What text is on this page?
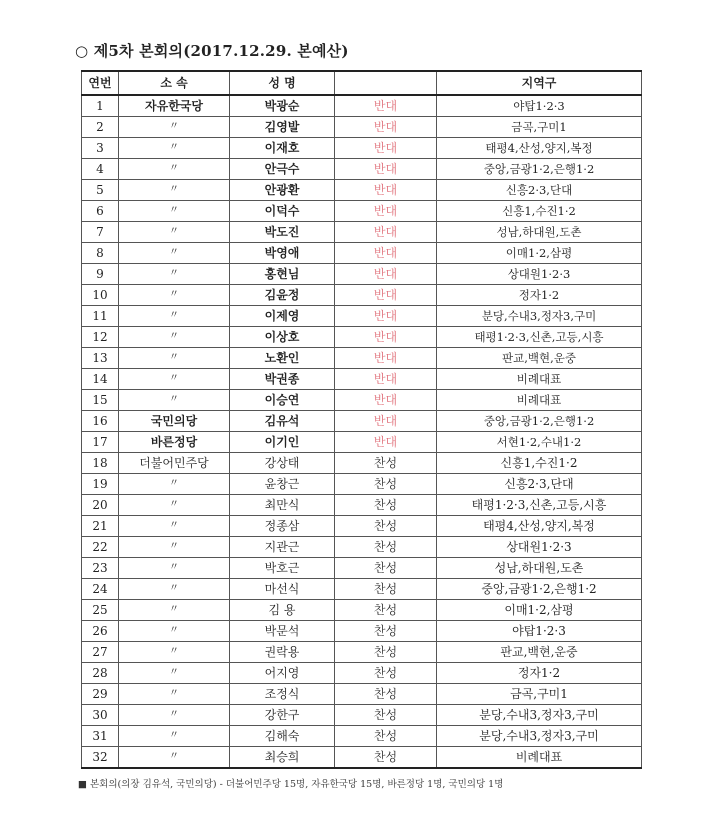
○ 제5차 본회의(2017.12.29. 본예산)
연번	소 속	성 명		지역구
1	자유한국당	박광순	반대	야탑1·2·3
2	〃	김영발	반대	금곡,구미1
3	〃	이재호	반대	태평4,산성,양지,복정
4	〃	안극수	반대	중앙,금광1·2,은행1·2
5	〃	안광환	반대	신흥2·3,단대
6	〃	이덕수	반대	신흥1,수진1·2
7	〃	박도진	반대	성남,하대원,도촌
8	〃	박영애	반대	이매1·2,삼평
9	〃	홍현님	반대	상대원1·2·3
10	〃	김윤정	반대	정자1·2
11	〃	이제영	반대	분당,수내3,정자3,구미
12	〃	이상호	반대	태평1·2·3,신촌,고등,시흥
13	〃	노환인	반대	판교,백현,운중
14	〃	박권종	반대	비례대표
15	〃	이승연	반대	비례대표
16	국민의당	김유석	반대	중앙,금광1·2,은행1·2
17	바른정당	이기인	반대	서현1·2,수내1·2
18	더불어민주당	강상태	찬성	신흥1,수진1·2
19	〃	윤창근	찬성	신흥2·3,단대
20	〃	최만식	찬성	태평1·2·3,신촌,고등,시흥
21	〃	정종삼	찬성	태평4,산성,양지,복정
22	〃	지관근	찬성	상대원1·2·3
23	〃	박호근	찬성	성남,하대원,도촌
24	〃	마선식	찬성	중앙,금광1·2,은행1·2
25	〃	김 용	찬성	이매1·2,삼평
26	〃	박문석	찬성	야탑1·2·3
27	〃	권락용	찬성	판교,백현,운중
28	〃	어지영	찬성	정자1·2
29	〃	조정식	찬성	금곡,구미1
30	〃	강한구	찬성	분당,수내3,정자3,구미
31	〃	김해숙	찬성	분당,수내3,정자3,구미
32	〃	최승희	찬성	비례대표
■ 본회의(의장 김유석, 국민의당) - 더불어민주당 15명, 자유한국당 15명, 바른정당 1명, 국민의당 1명
